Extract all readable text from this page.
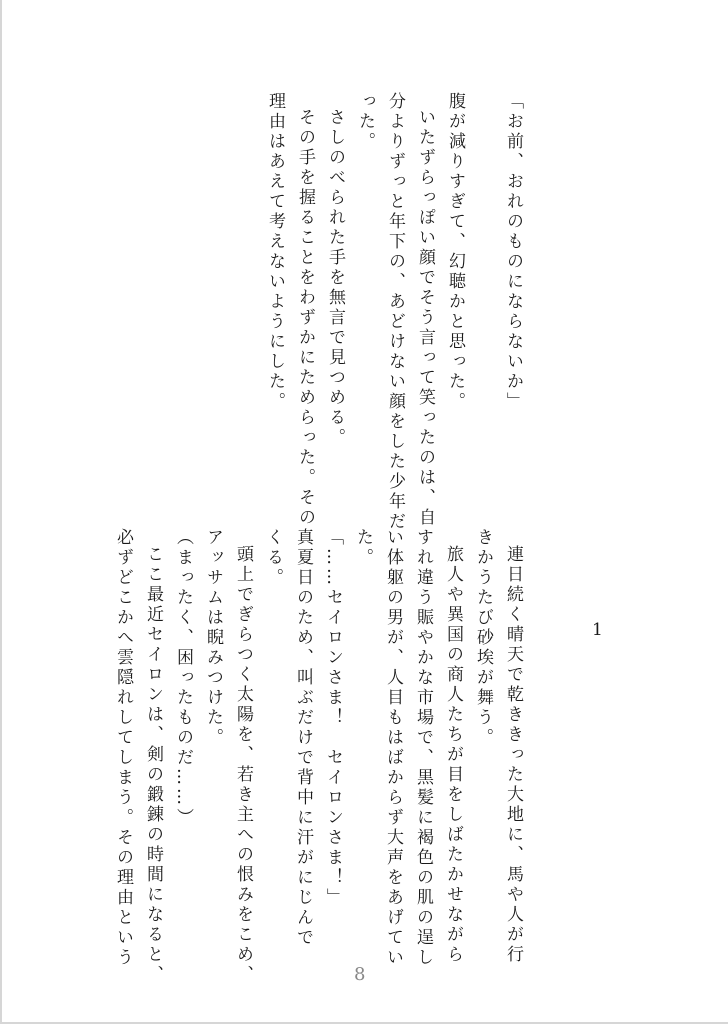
「お前、おれのものにならないか」
腹が減りすぎて、幻聴かと思った。
いたずらっぽい顔でそう言って笑ったのは、自
分よりずっと年下の、あどけない顔をした少年だ
った。
さしのべられた手を無言で見つめる。
その手を握ることをわずかにためらった。その
理由はあえて考えないようにした。
1
連日続く晴天で乾ききった大地に、馬や人が行
きかうたび砂埃が舞う。
旅人や異国の商人たちが目をしばたかせながら
すれ違う賑やかな市場で、黒髪に褐色の肌の逞し
い体躯の男が、人目もはばからず大声をあげてい
た。
「……セイロンさま！　セイロンさま！」
真夏日のため、叫ぶだけで背中に汗がにじんで
くる。
頭上でぎらつく太陽を、若き主への恨みをこめ、
アッサムは睨みつけた。
（まったく、困ったものだ……）
ここ最近セイロンは、剣の鍛錬の時間になると、
必ずどこかへ雲隠れしてしまう。その理由という
8
